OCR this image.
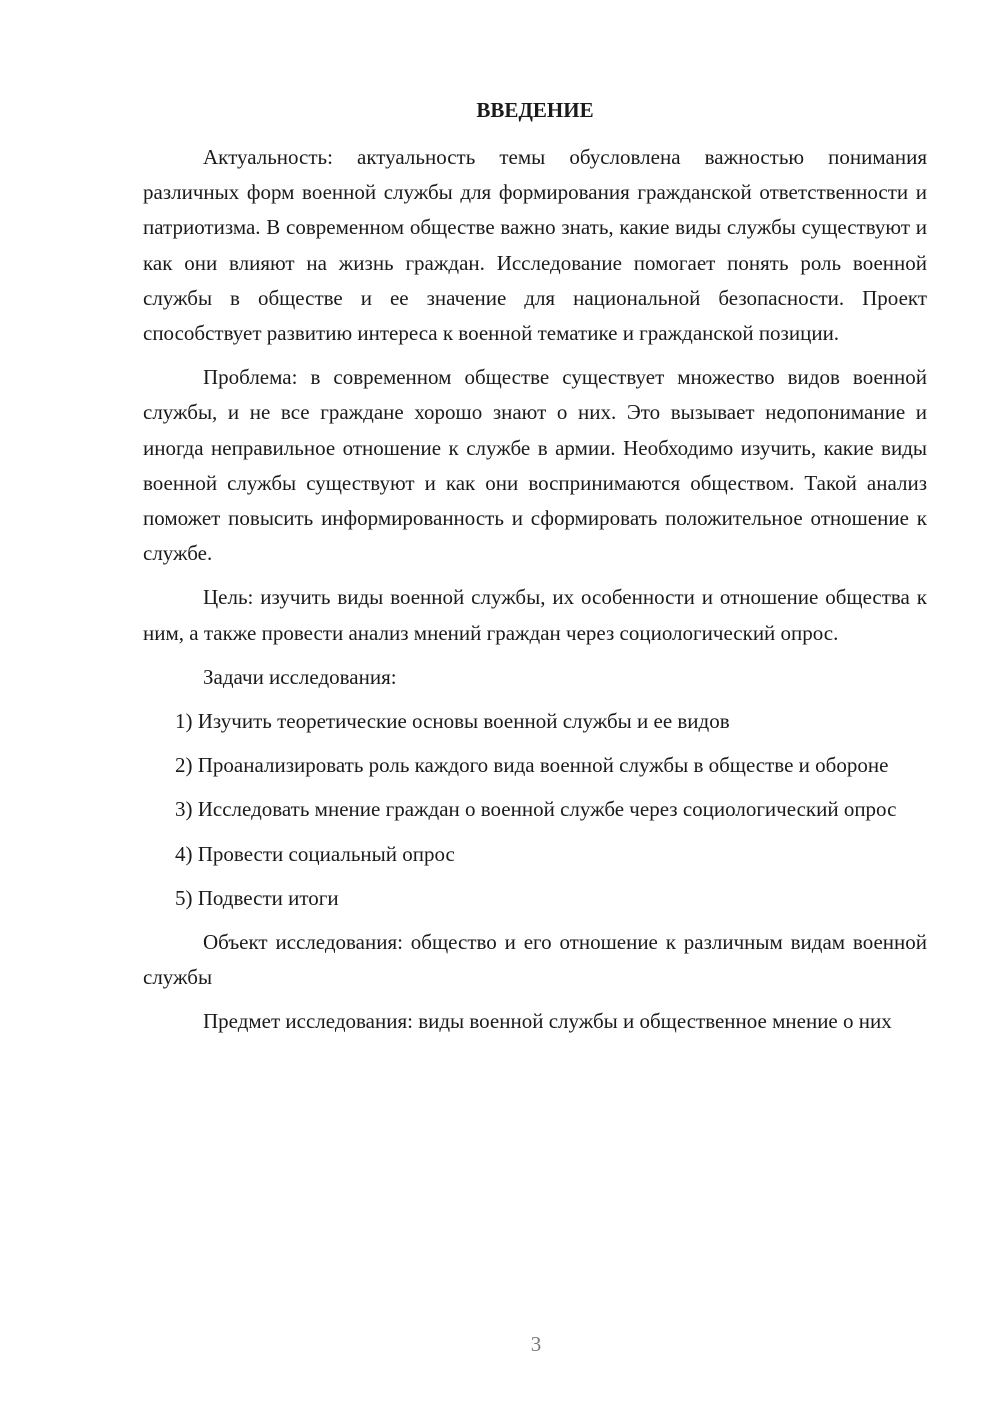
ВВЕДЕНИЕ

Актуальность: актуальность темы обусловлена важностью понимания различных форм военной службы для формирования гражданской ответственности и патриотизма. В современном обществе важно знать, какие виды службы существуют и как они влияют на жизнь граждан. Исследование помогает понять роль военной службы в обществе и ее значение для национальной безопасности. Проект способствует развитию интереса к военной тематике и гражданской позиции.

Проблема: в современном обществе существует множество видов военной службы, и не все граждане хорошо знают о них. Это вызывает недопонимание и иногда неправильное отношение к службе в армии. Необходимо изучить, какие виды военной службы существуют и как они воспринимаются обществом. Такой анализ поможет повысить информированность и сформировать положительное отношение к службе.

Цель: изучить виды военной службы, их особенности и отношение общества к ним, а также провести анализ мнений граждан через социологический опрос.

Задачи исследования:

1) Изучить теоретические основы военной службы и ее видов

2) Проанализировать роль каждого вида военной службы в обществе и обороне

3) Исследовать мнение граждан о военной службе через социологический опрос

4) Провести социальный опрос

5) Подвести итоги

Объект исследования: общество и его отношение к различным видам военной службы

Предмет исследования: виды военной службы и общественное мнение о них

3
